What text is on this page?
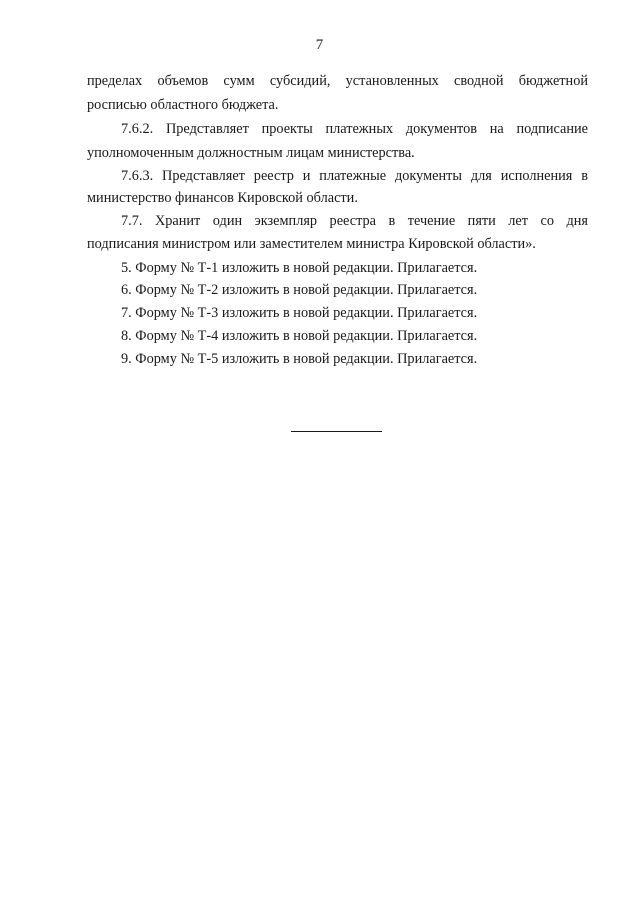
7
пределах объемов сумм субсидий, установленных сводной бюджетной
росписью областного бюджета.
7.6.2. Представляет проекты платежных документов на подписание
уполномоченным должностным лицам министерства.
7.6.3. Представляет реестр и платежные документы для исполнения в
министерство финансов Кировской области.
7.7. Хранит один экземпляр реестра в течение пяти лет со дня
подписания министром или заместителем министра Кировской области».
5. Форму № Т-1 изложить в новой редакции. Прилагается.
6. Форму № Т-2 изложить в новой редакции. Прилагается.
7. Форму № Т-3 изложить в новой редакции. Прилагается.
8. Форму № Т-4 изложить в новой редакции. Прилагается.
9. Форму № Т-5 изложить в новой редакции. Прилагается.
